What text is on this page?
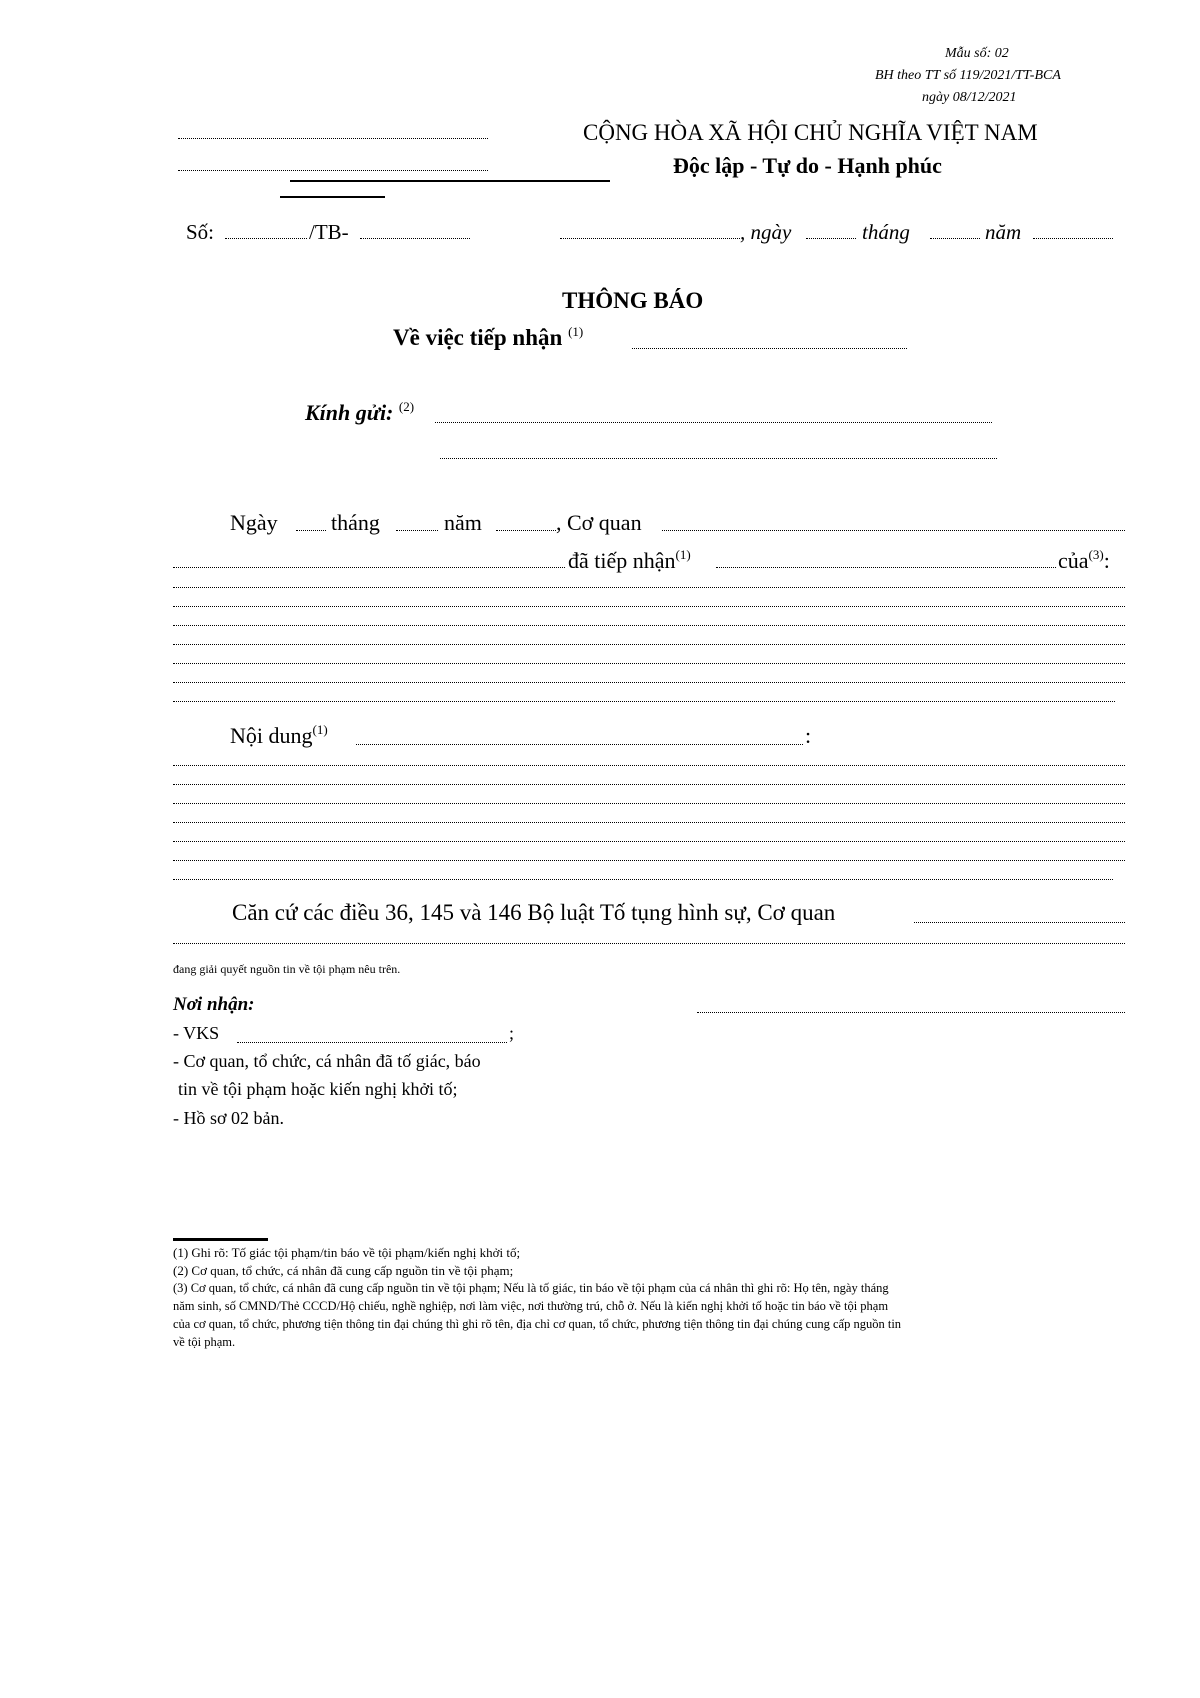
Mẫu số: 02
BH theo TT số 119/2021/TT-BCA
ngày 08/12/2021
CỘNG HÒA XÃ HỘI CHỦ NGHĨA VIỆT NAM
Độc lập - Tự do - Hạnh phúc
Số:	/TB-	, ngày	tháng	năm
THÔNG BÁO
Về việc tiếp nhận $^{(1)}$
Kính gửi: $^{(2)}$
Ngày tháng	năm	, Cơ quan
đã tiếp nhận$^{(1)}$	của$^{(3)}$:
Nội dung$^{(1)}$	:
Căn cứ các điều 36, 145 và 146 Bộ luật Tố tụng hình sự, Cơ quan
đang giải quyết nguồn tin về tội phạm nêu trên.
Nơi nhận:
- VKS	;
- Cơ quan, tổ chức, cá nhân đã tố giác, báo
tin về tội phạm hoặc kiến nghị khởi tố;
- Hồ sơ 02 bản.
(1) Ghi rõ: Tố giác tội phạm/tin báo về tội phạm/kiến nghị khởi tố;
(2) Cơ quan, tổ chức, cá nhân đã cung cấp nguồn tin về tội phạm;
(3) Cơ quan, tổ chức, cá nhân đã cung cấp nguồn tin về tội phạm; Nếu là tố giác, tin báo về tội phạm của cá nhân thì ghi rõ: Họ tên, ngày tháng
năm sinh, số CMND/Thẻ CCCD/Hộ chiếu, nghề nghiệp, nơi làm việc, nơi thường trú, chỗ ở. Nếu là kiến nghị khởi tố hoặc tin báo về tội phạm
của cơ quan, tổ chức, phương tiện thông tin đại chúng thì ghi rõ tên, địa chỉ cơ quan, tổ chức, phương tiện thông tin đại chúng cung cấp nguồn tin
về tội phạm.
